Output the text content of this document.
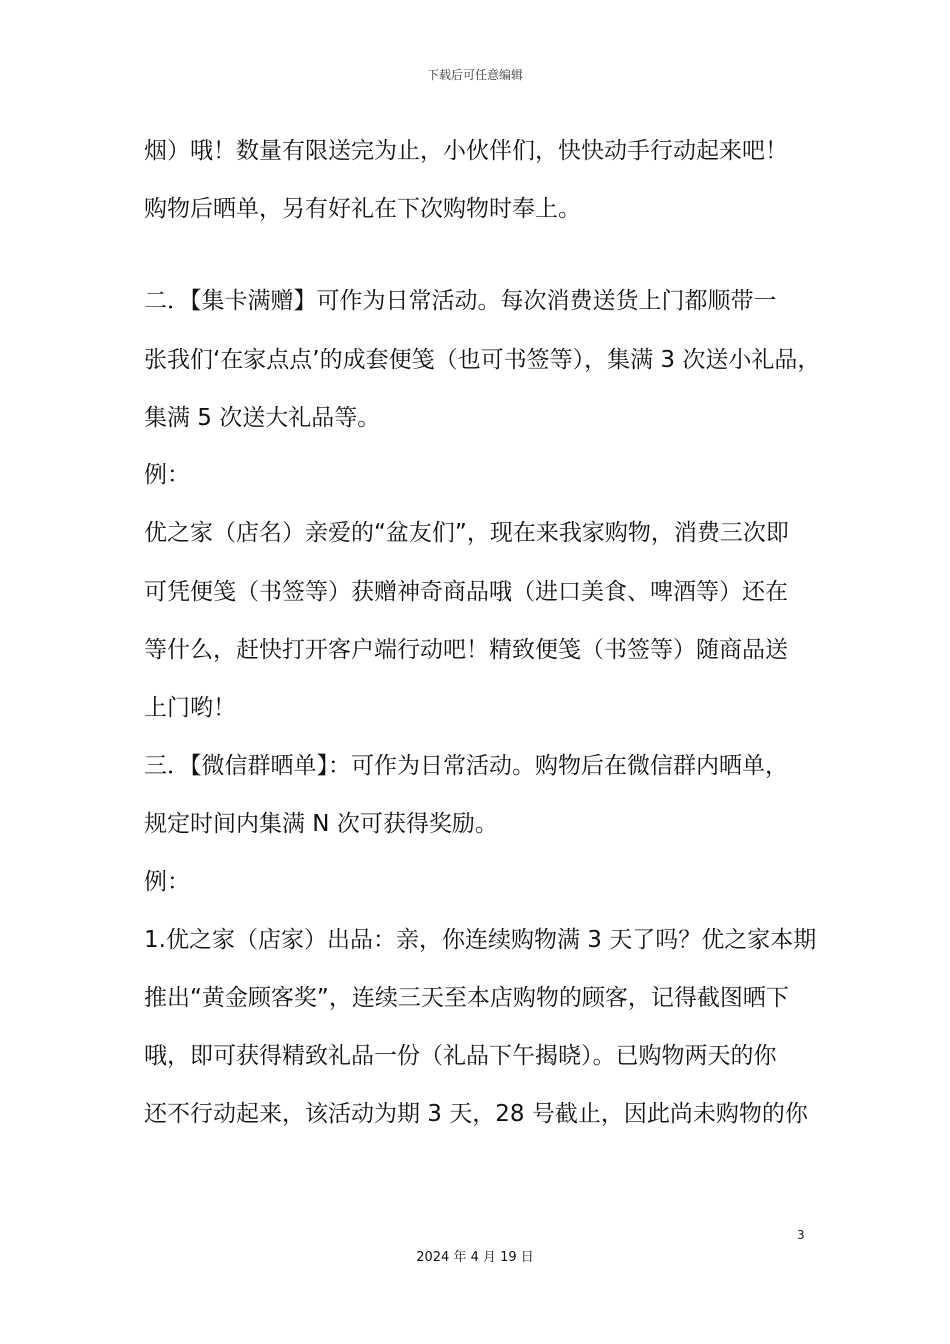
下载后可任意编辑
烟）哦！数量有限送完为止，小伙伴们，快快动手行动起来吧！
购物后晒单，另有好礼在下次购物时奉上。
二．【集卡满赠】可作为日常活动。每次消费送货上门都顺带一
张我们‘在家点点’的成套便笺（也可书签等），集满 3 次送小礼品，
集满 5 次送大礼品等。
例：
优之家（店名）亲爱的“盆友们”，现在来我家购物，消费三次即
可凭便笺（书签等）获赠神奇商品哦（进口美食、啤酒等）还在
等什么，赶快打开客户端行动吧！精致便笺（书签等）随商品送
上门哟！
三．【微信群晒单】：可作为日常活动。购物后在微信群内晒单，
规定时间内集满 N 次可获得奖励。
例：
1.优之家（店家）出品：亲，你连续购物满 3 天了吗？优之家本期
推出“黄金顾客奖”，连续三天至本店购物的顾客，记得截图晒下
哦，即可获得精致礼品一份（礼品下午揭晓）。已购物两天的你
还不行动起来，该活动为期 3 天，28 号截止，因此尚未购物的你
3
2024 年 4 月 19 日
